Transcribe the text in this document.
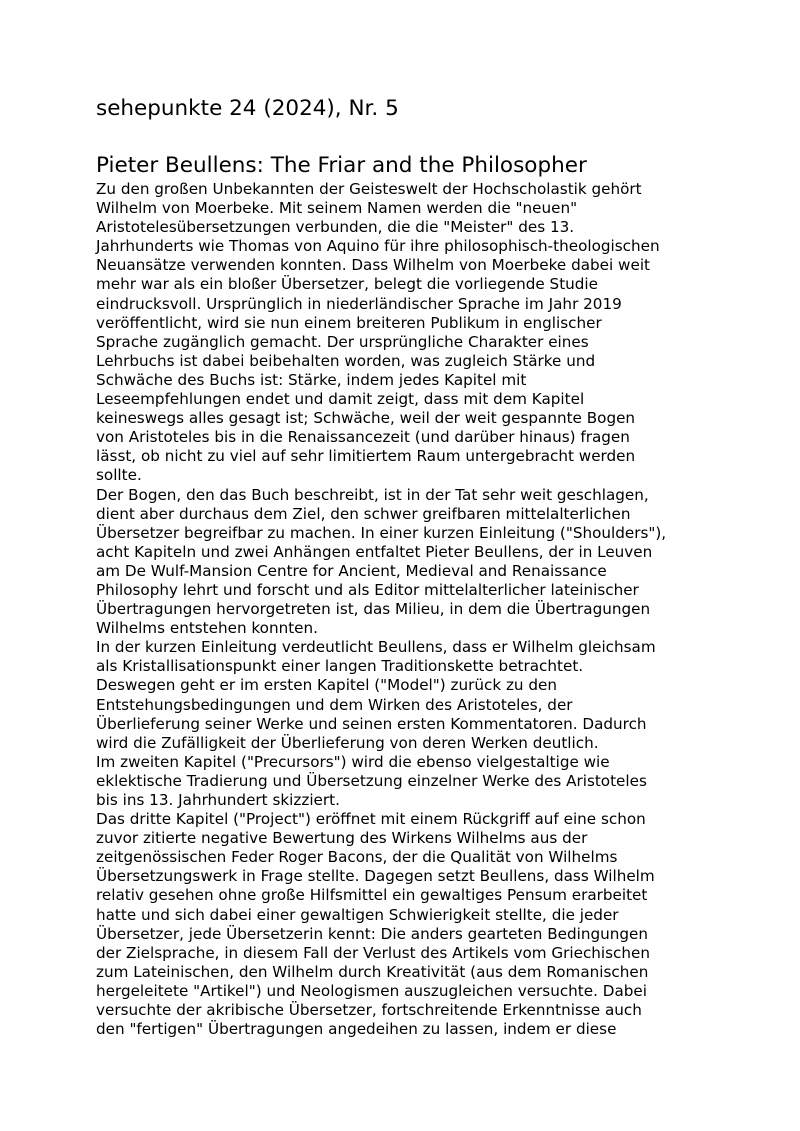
sehepunkte 24 (2024), Nr. 5
Pieter Beullens: The Friar and the Philosopher
Zu den großen Unbekannten der Geisteswelt der Hochscholastik gehört
Wilhelm von Moerbeke. Mit seinem Namen werden die "neuen"
Aristotelesübersetzungen verbunden, die die "Meister" des 13.
Jahrhunderts wie Thomas von Aquino für ihre philosophisch-theologischen
Neuansätze verwenden konnten. Dass Wilhelm von Moerbeke dabei weit
mehr war als ein bloßer Übersetzer, belegt die vorliegende Studie
eindrucksvoll. Ursprünglich in niederländischer Sprache im Jahr 2019
veröffentlicht, wird sie nun einem breiteren Publikum in englischer
Sprache zugänglich gemacht. Der ursprüngliche Charakter eines
Lehrbuchs ist dabei beibehalten worden, was zugleich Stärke und
Schwäche des Buchs ist: Stärke, indem jedes Kapitel mit
Leseempfehlungen endet und damit zeigt, dass mit dem Kapitel
keineswegs alles gesagt ist; Schwäche, weil der weit gespannte Bogen
von Aristoteles bis in die Renaissancezeit (und darüber hinaus) fragen
lässt, ob nicht zu viel auf sehr limitiertem Raum untergebracht werden
sollte.
Der Bogen, den das Buch beschreibt, ist in der Tat sehr weit geschlagen,
dient aber durchaus dem Ziel, den schwer greifbaren mittelalterlichen
Übersetzer begreifbar zu machen. In einer kurzen Einleitung ("Shoulders"),
acht Kapiteln und zwei Anhängen entfaltet Pieter Beullens, der in Leuven
am De Wulf-Mansion Centre for Ancient, Medieval and Renaissance
Philosophy lehrt und forscht und als Editor mittelalterlicher lateinischer
Übertragungen hervorgetreten ist, das Milieu, in dem die Übertragungen
Wilhelms entstehen konnten.
In der kurzen Einleitung verdeutlicht Beullens, dass er Wilhelm gleichsam
als Kristallisationspunkt einer langen Traditionskette betrachtet.
Deswegen geht er im ersten Kapitel ("Model") zurück zu den
Entstehungsbedingungen und dem Wirken des Aristoteles, der
Überlieferung seiner Werke und seinen ersten Kommentatoren. Dadurch
wird die Zufälligkeit der Überlieferung von deren Werken deutlich.
Im zweiten Kapitel ("Precursors") wird die ebenso vielgestaltige wie
eklektische Tradierung und Übersetzung einzelner Werke des Aristoteles
bis ins 13. Jahrhundert skizziert.
Das dritte Kapitel ("Project") eröffnet mit einem Rückgriff auf eine schon
zuvor zitierte negative Bewertung des Wirkens Wilhelms aus der
zeitgenössischen Feder Roger Bacons, der die Qualität von Wilhelms
Übersetzungswerk in Frage stellte. Dagegen setzt Beullens, dass Wilhelm
relativ gesehen ohne große Hilfsmittel ein gewaltiges Pensum erarbeitet
hatte und sich dabei einer gewaltigen Schwierigkeit stellte, die jeder
Übersetzer, jede Übersetzerin kennt: Die anders gearteten Bedingungen
der Zielsprache, in diesem Fall der Verlust des Artikels vom Griechischen
zum Lateinischen, den Wilhelm durch Kreativität (aus dem Romanischen
hergeleitete "Artikel") und Neologismen auszugleichen versuchte. Dabei
versuchte der akribische Übersetzer, fortschreitende Erkenntnisse auch
den "fertigen" Übertragungen angedeihen zu lassen, indem er diese
